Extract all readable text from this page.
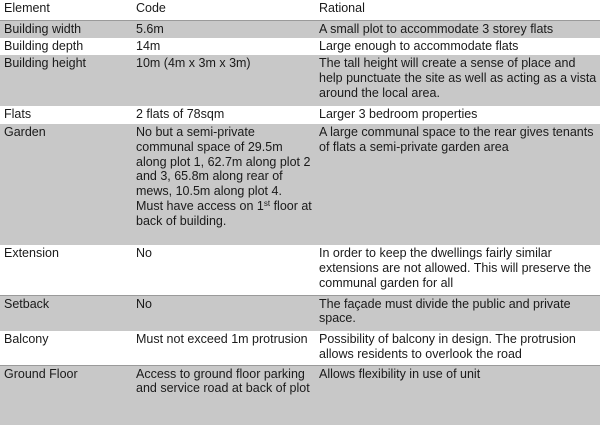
Element	Code	Rational
Building width	5.6m	A small plot to accommodate 3 storey flats
Building depth	14m	Large enough to accommodate flats
Building height	10m (4m x 3m x 3m)	The tall height will create a sense of place and help punctuate the site as well as acting as a vista around the local area.
Flats	2 flats of 78sqm	Larger 3 bedroom properties
Garden	No but a semi-private communal space of 29.5m along plot 1, 62.7m along plot 2 and 3, 65.8m along rear of mews, 10.5m along plot 4. Must have access on 1st floor at back of building.	A large communal space to the rear gives tenants of flats a semi-private garden area
Extension	No	In order to keep the dwellings fairly similar extensions are not allowed. This will preserve the communal garden for all
Setback	No	The façade must divide the public and private space.
Balcony	Must not exceed 1m protrusion	Possibility of balcony in design. The protrusion allows residents to overlook the road
Ground Floor	Access to ground floor parking and service road at back of plot	Allows flexibility in use of unit
